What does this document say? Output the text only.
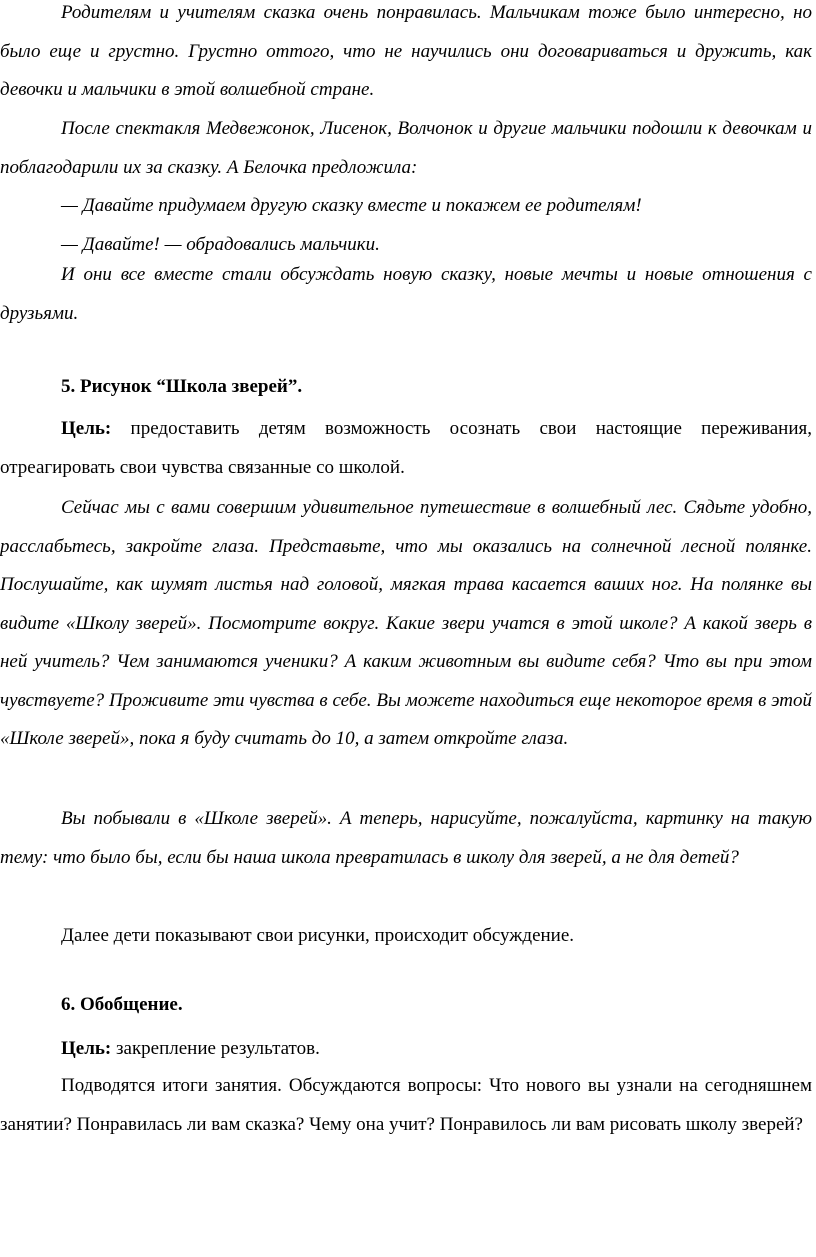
Родителям и учителям сказка очень понравилась. Мальчикам тоже было интересно, но было еще и грустно. Грустно оттого, что не научились они договариваться и дружить, как девочки и мальчики в этой волшебной стране.

После спектакля Медвежонок, Лисенок, Волчонок и другие мальчики подошли к девочкам и поблагодарили их за сказку. А Белочка предложила:

— Давайте придумаем другую сказку вместе и покажем ее родителям!

— Давайте! — обрадовались мальчики.

И они все вместе стали обсуждать новую сказку, новые мечты и новые отношения с друзьями.

5. Рисунок “Школа зверей”.

Цель: предоставить детям возможность осознать свои настоящие переживания, отреагировать свои чувства связанные со школой.

Сейчас мы с вами совершим удивительное путешествие в волшебный лес. Сядьте удобно, расслабьтесь, закройте глаза. Представьте, что мы оказались на солнечной лесной полянке. Послушайте, как шумят листья над головой, мягкая трава касается ваших ног. На полянке вы видите «Школу зверей». Посмотрите вокруг. Какие звери учатся в этой школе? А какой зверь в ней учитель? Чем занимаются ученики? А каким животным вы видите себя? Что вы при этом чувствуете? Проживите эти чувства в себе. Вы можете находиться еще некоторое время в этой «Школе зверей», пока я буду считать до 10, а затем откройте глаза.

Вы побывали в «Школе зверей». А теперь, нарисуйте, пожалуйста, картинку на такую тему: что было бы, если бы наша школа превратилась в школу для зверей, а не для детей?

Далее дети показывают свои рисунки, происходит обсуждение.

6. Обобщение.

Цель: закрепление результатов.

Подводятся итоги занятия. Обсуждаются вопросы: Что нового вы узнали на сегодняшнем занятии? Понравилась ли вам сказка? Чему она учит? Понравилось ли вам рисовать школу зверей?
